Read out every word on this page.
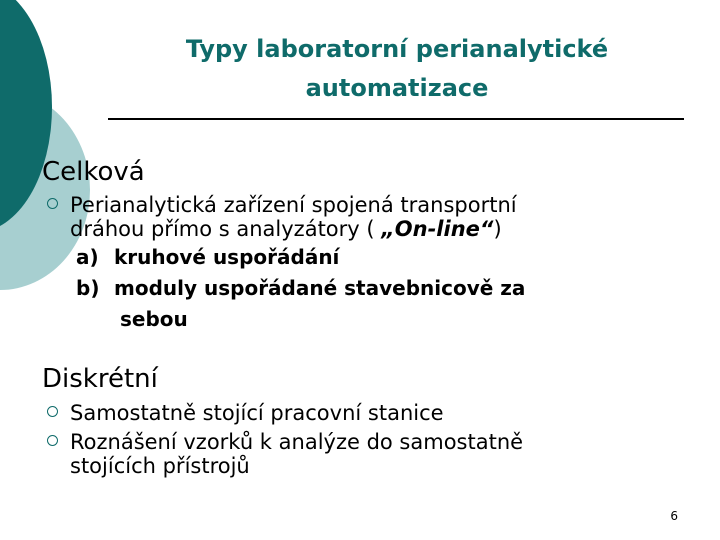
Typy laboratorní perianalytické
automatizace
Celková
Perianalytická zařízení spojená transportní
dráhou přímo s analyzátory ( „On-line“)
a) kruhové uspořádání
b) moduly uspořádané stavebnicově za
sebou
Diskrétní
Samostatně stojící pracovní stanice
Roznášení vzorků k analýze do samostatně
stojících přístrojů
6
